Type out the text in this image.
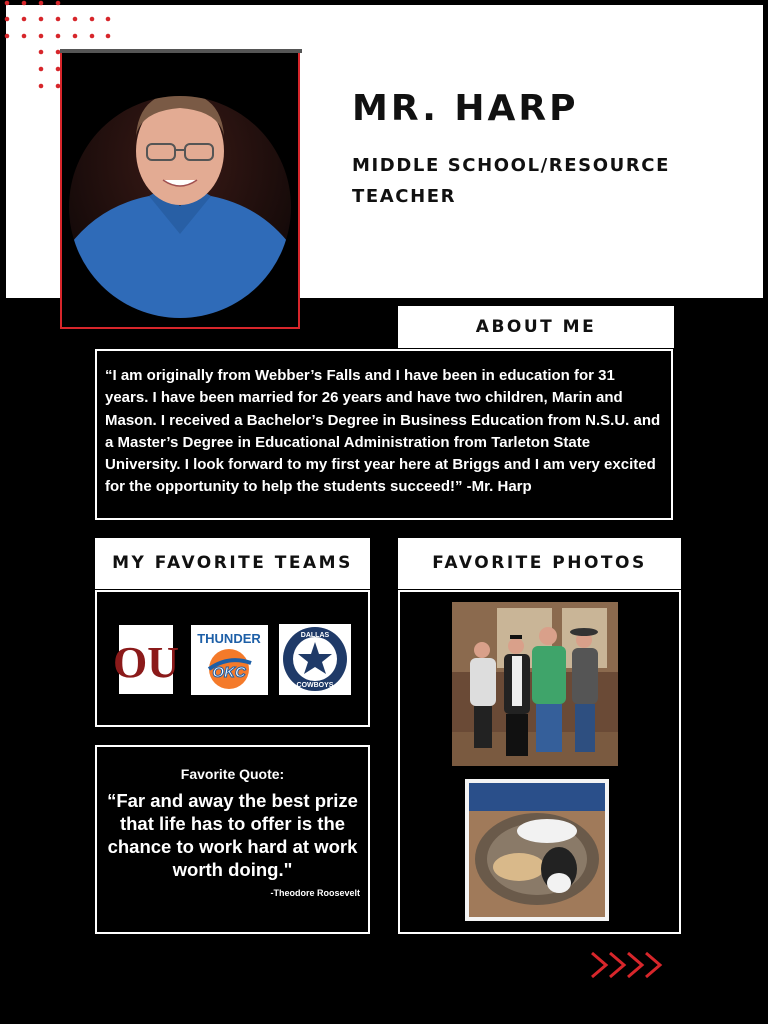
MR. HARP
MIDDLE SCHOOL/RESOURCE TEACHER
ABOUT ME
“I am originally from Webber’s Falls and I have been in education for 31 years. I have been married for 26 years and have two children, Marin and Mason. I received a Bachelor’s Degree in Business Education from N.S.U. and a Master’s Degree in Educational Administration from Tarleton State University. I look forward to my first year here at Briggs and I am very excited for the opportunity to help the students succeed!” -Mr. Harp
MY FAVORITE TEAMS
OU THUNDER
OKC
DALLAS
COWBOYS
Favorite Quote:
“Far and away the best prize that life has to offer is the chance to work hard at work worth doing."
-Theodore Roosevelt
FAVORITE PHOTOS
